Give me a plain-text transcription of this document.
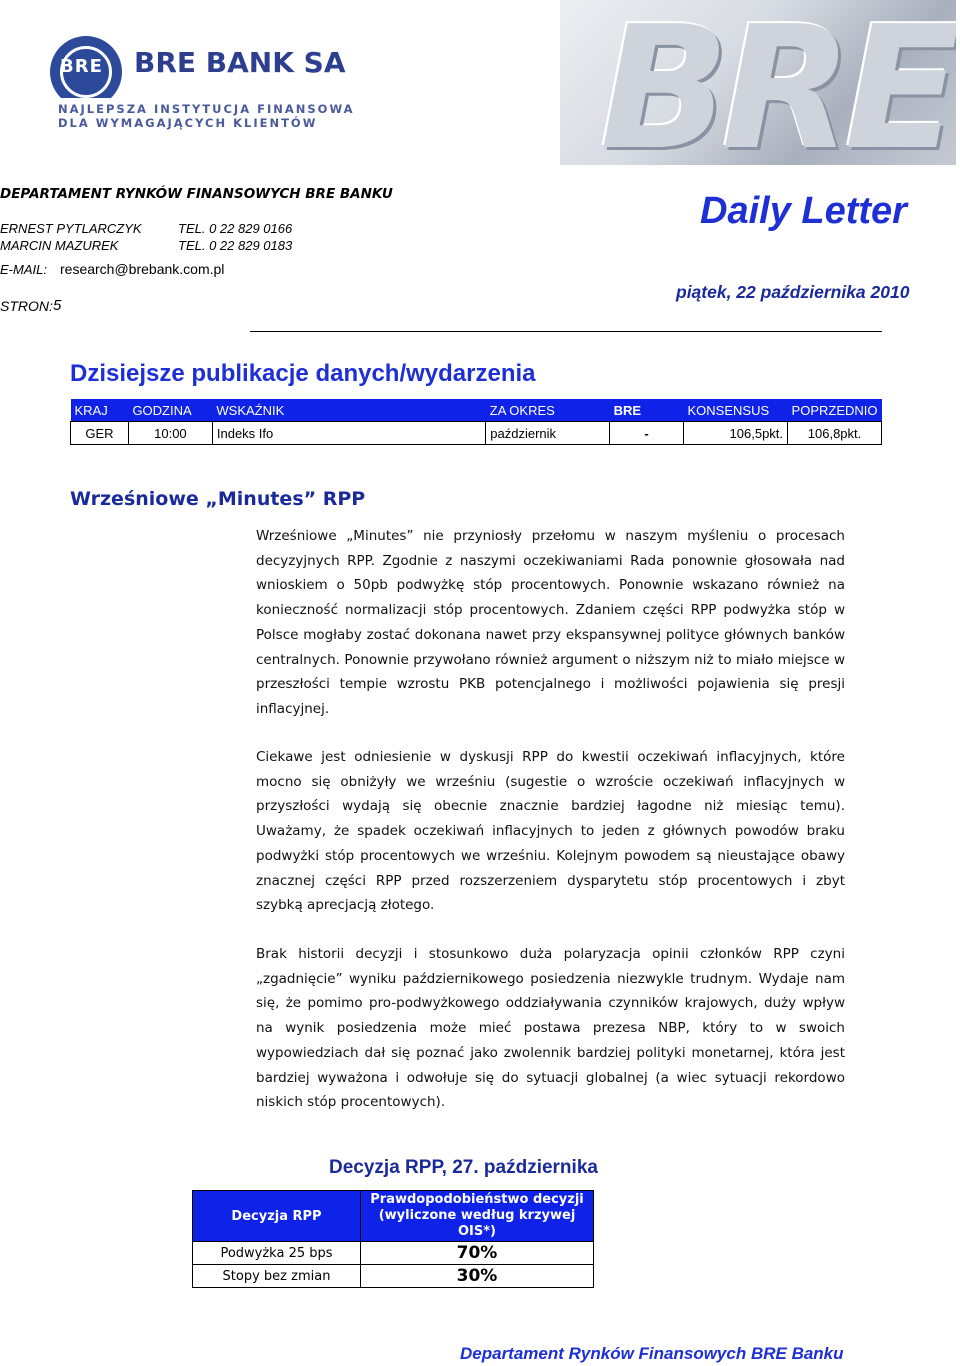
BRE BRE BANK SA
NAJLEPSZA INSTYTUCJA FINANSOWA
DLA WYMAGAJĄCYCH KLIENTÓW BRE
DEPARTAMENT RYNKÓW FINANSOWYCH BRE BANKU
ERNEST PYTLARCZYK	TEL. 0 22 829 0166
MARCIN MAZUREK	TEL. 0 22 829 0183
E-MAIL: research@brebank.com.pl
STRON: 5
Daily Letter
piątek, 22 października 2010
Dzisiejsze publikacje danych/wydarzenia
KRAJ	GODZINA	WSKAŹNIK	ZA OKRES	BRE	KONSENSUS	POPRZEDNIO
GER	10:00	Indeks Ifo	październik	-	106,5pkt.	106,8pkt.
Wrześniowe „Minutes” RPP
Wrześniowe „Minutes” nie przyniosły przełomu w naszym myśleniu o procesach decyzyjnych RPP. Zgodnie z naszymi oczekiwaniami Rada ponownie głosowała nad wnioskiem o 50pb podwyżkę stóp procentowych. Ponownie wskazano również na konieczność normalizacji stóp procentowych. Zdaniem części RPP podwyżka stóp w Polsce mogłaby zostać dokonana nawet przy ekspansywnej polityce głównych banków centralnych. Ponownie przywołano również argument o niższym niż to miało miejsce w przeszłości tempie wzrostu PKB potencjalnego i możliwości pojawienia się presji inflacyjnej.
Ciekawe jest odniesienie w dyskusji RPP do kwestii oczekiwań inflacyjnych, które mocno się obniżyły we wrześniu (sugestie o wzroście oczekiwań inflacyjnych w przyszłości wydają się obecnie znacznie bardziej łagodne niż miesiąc temu). Uważamy, że spadek oczekiwań inflacyjnych to jeden z głównych powodów braku podwyżki stóp procentowych we wrześniu. Kolejnym powodem są nieustające obawy znacznej części RPP przed rozszerzeniem dysparytetu stóp procentowych i zbyt szybką aprecjacją złotego.
Brak historii decyzji i stosunkowo duża polaryzacja opinii członków RPP czyni „zgadnięcie” wyniku październikowego posiedzenia niezwykle trudnym. Wydaje nam się, że pomimo pro-podwyżkowego oddziaływania czynników krajowych, duży wpływ na wynik posiedzenia może mieć postawa prezesa NBP, który to w swoich wypowiedziach dał się poznać jako zwolennik bardziej polityki monetarnej, która jest bardziej wyważona i odwołuje się do sytuacji globalnej (a wiec sytuacji rekordowo niskich stóp procentowych).
Decyzja RPP, 27. października
Decyzja RPP	Prawdopodobieństwo decyzji
(wyliczone według krzywej OIS*)

Podwyżka 25 bps	70%
Stopy bez zmian	30%
Departament Rynków Finansowych BRE Banku
